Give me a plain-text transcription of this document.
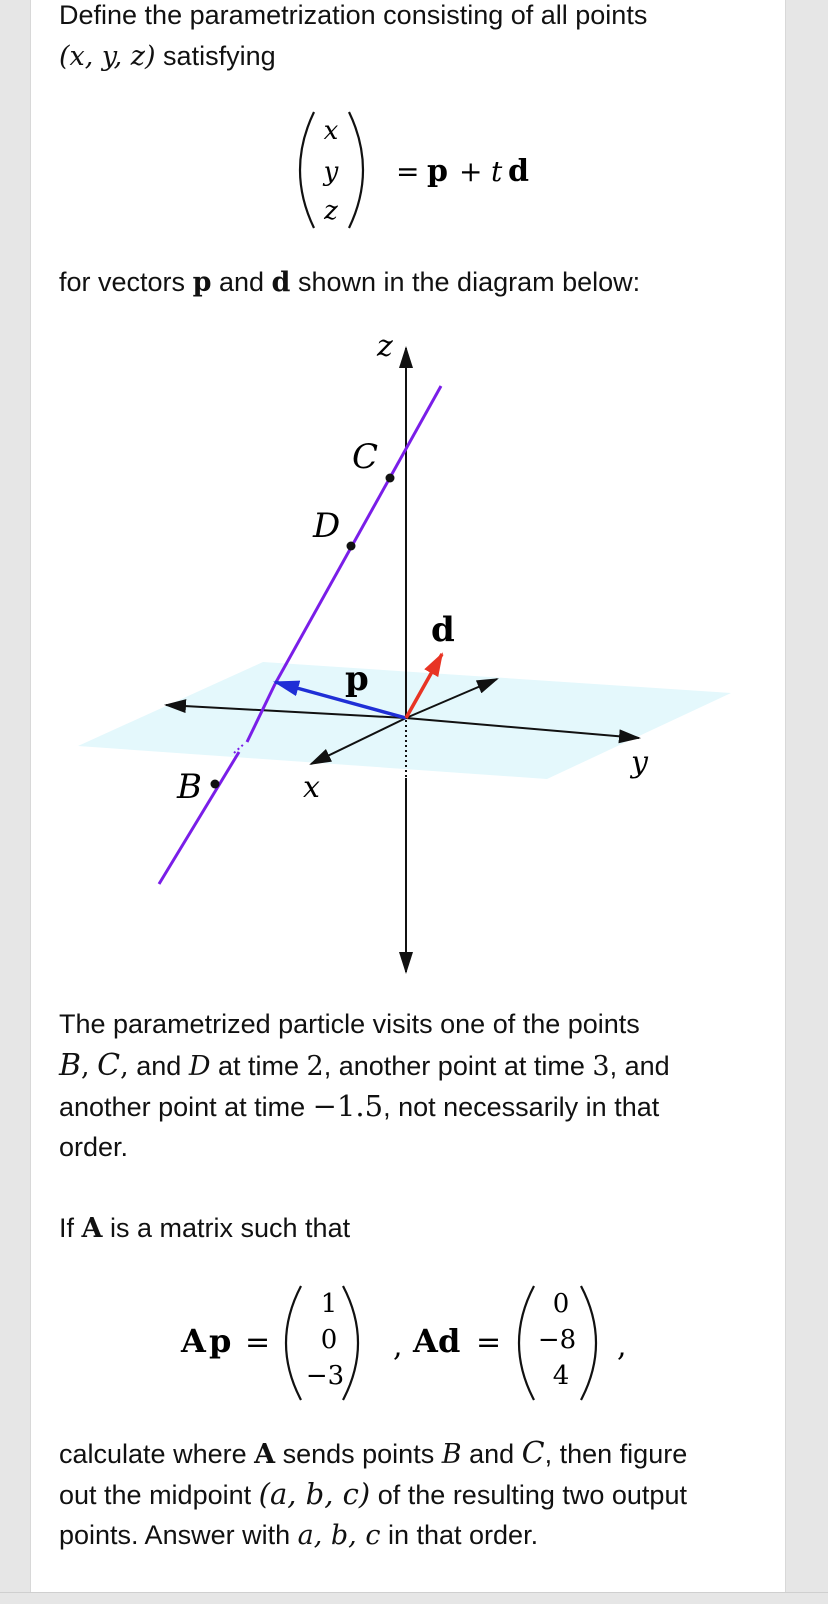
Define the parametrization consisting of all points

(x, y, z) satisfying

x
y
z
= p + t d

for vectors p and d shown in the diagram below:

z
C
D
d
p
B	x
y

The parametrized particle visits one of the points

B, C, and D at time 2, another point at time 3, and

another point at time −1.5, not necessarily in that

order.

If A is a matrix such that

A p =
1
0
−3
, A d =
0
−8
4
,

calculate where A sends points B and C, then figure

out the midpoint (a, b, c) of the resulting two output

points. Answer with a, b, c in that order.
